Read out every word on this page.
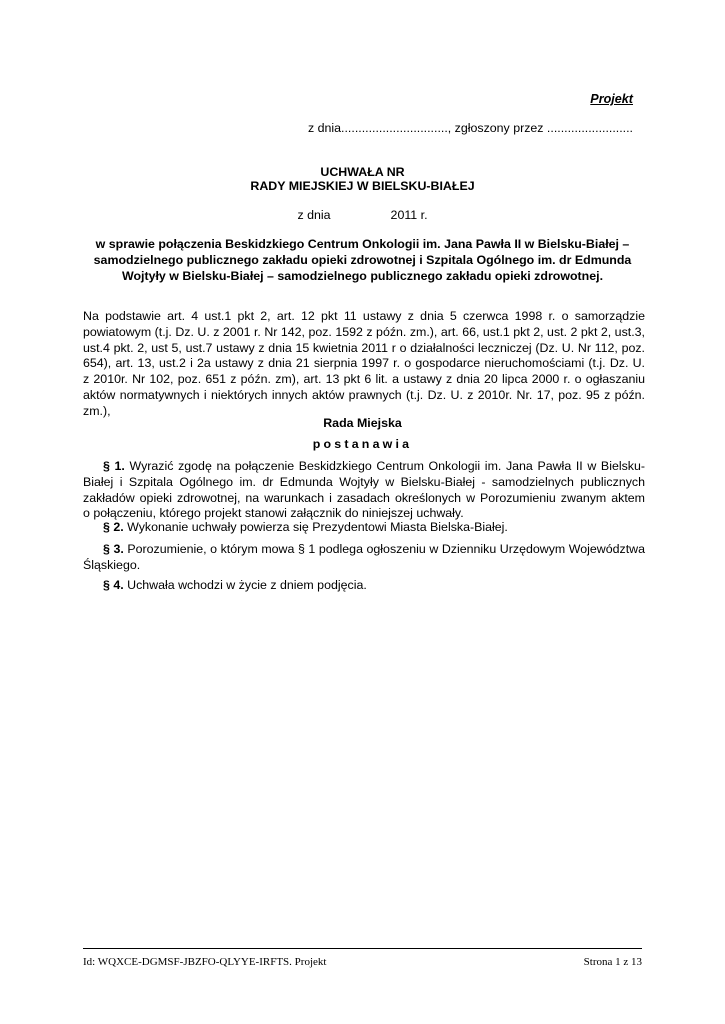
Projekt
z dnia..............................., zgłoszony przez .........................
UCHWAŁA NR
RADY MIEJSKIEJ W BIELSKU-BIAŁEJ
z dnia	2011 r.
w sprawie połączenia Beskidzkiego Centrum Onkologii im. Jana Pawła II w Bielsku-Białej –
samodzielnego publicznego zakładu opieki zdrowotnej i Szpitala Ogólnego im. dr Edmunda
Wojtyły w Bielsku-Białej – samodzielnego publicznego zakładu opieki zdrowotnej.
Na podstawie art. 4 ust.1 pkt 2, art. 12 pkt 11 ustawy z dnia 5 czerwca 1998 r. o samorządzie
powiatowym (t.j. Dz. U. z 2001 r. Nr 142, poz. 1592 z późn. zm.), art. 66, ust.1 pkt 2, ust. 2 pkt 2, ust.3,
ust.4 pkt. 2, ust 5, ust.7 ustawy z dnia 15 kwietnia 2011 r o działalności leczniczej (Dz. U. Nr 112, poz.
654), art. 13, ust.2 i 2a ustawy z dnia 21 sierpnia 1997 r. o gospodarce nieruchomościami (t.j. Dz. U.
z 2010r. Nr 102, poz. 651 z późn. zm), art. 13 pkt 6 lit. a ustawy z dnia 20 lipca 2000 r. o ogłaszaniu
aktów normatywnych i niektórych innych aktów prawnych (t.j. Dz. U. z 2010r. Nr. 17, poz. 95 z późn.
zm.),
Rada Miejska
postanawia
§ 1. Wyrazić zgodę na połączenie Beskidzkiego Centrum Onkologii im. Jana Pawła II w Bielsku-
Białej i Szpitala Ogólnego im. dr Edmunda Wojtyły w Bielsku-Białej - samodzielnych publicznych
zakładów opieki zdrowotnej, na warunkach i zasadach określonych w Porozumieniu zwanym aktem
o połączeniu, którego projekt stanowi załącznik do niniejszej uchwały.
§ 2. Wykonanie uchwały powierza się Prezydentowi Miasta Bielska-Białej.
§ 3. Porozumienie, o którym mowa § 1 podlega ogłoszeniu w Dzienniku Urzędowym Województwa
Śląskiego.
§ 4. Uchwała wchodzi w życie z dniem podjęcia.
Id: WQXCE-DGMSF-JBZFO-QLYYE-IRFTS. Projekt	Strona 1 z 13
